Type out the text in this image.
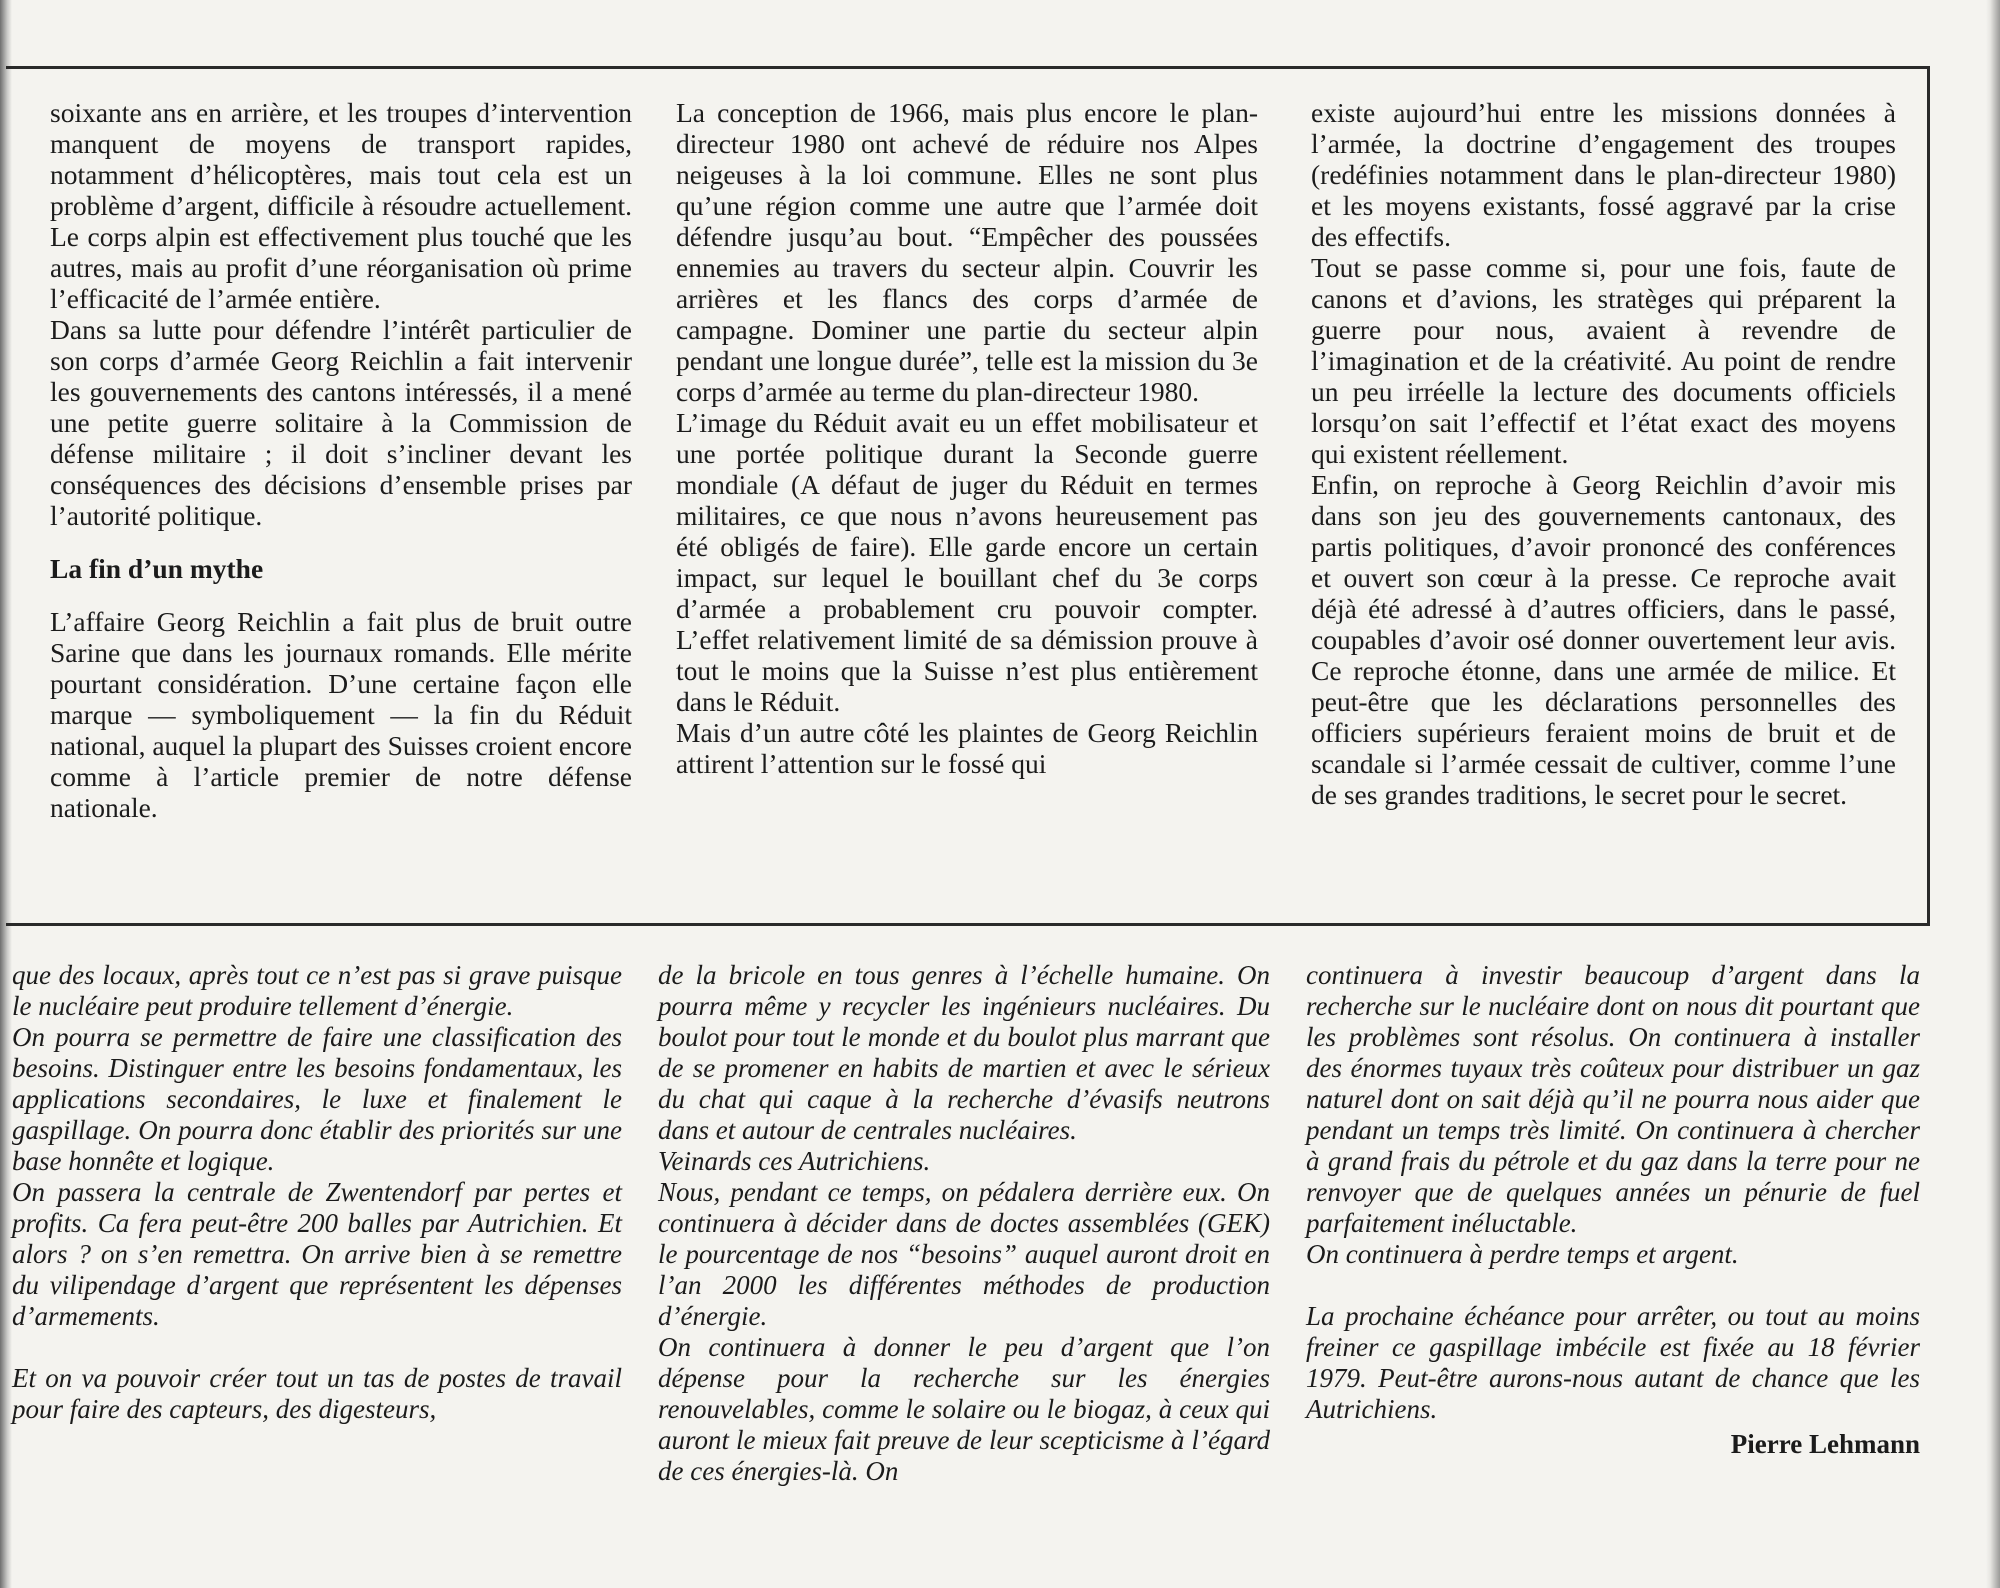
soixante ans en arrière, et les troupes d’intervention manquent de moyens de transport rapides, notamment d’hélicoptères, mais tout cela est un problème d’argent, difficile à résoudre actuellement. Le corps alpin est effectivement plus touché que les autres, mais au profit d’une réorganisation où prime l’efficacité de l’armée entière.

Dans sa lutte pour défendre l’intérêt particulier de son corps d’armée Georg Reichlin a fait intervenir les gouvernements des cantons intéressés, il a mené une petite guerre solitaire à la Commission de défense militaire ; il doit s’incliner devant les conséquences des décisions d’ensemble prises par l’autorité politique.

La fin d’un mythe

L’affaire Georg Reichlin a fait plus de bruit outre Sarine que dans les journaux romands. Elle mérite pourtant considération. D’une certaine façon elle marque — symboliquement — la fin du Réduit national, auquel la plupart des Suisses croient encore comme à l’article premier de notre défense nationale.

La conception de 1966, mais plus encore le plan-directeur 1980 ont achevé de réduire nos Alpes neigeuses à la loi commune. Elles ne sont plus qu’une région comme une autre que l’armée doit défendre jusqu’au bout. “Empêcher des poussées ennemies au travers du secteur alpin. Couvrir les arrières et les flancs des corps d’armée de campagne. Dominer une partie du secteur alpin pendant une longue durée”, telle est la mission du 3e corps d’armée au terme du plan-directeur 1980.

L’image du Réduit avait eu un effet mobilisateur et une portée politique durant la Seconde guerre mondiale (A défaut de juger du Réduit en termes militaires, ce que nous n’avons heureusement pas été obligés de faire). Elle garde encore un certain impact, sur lequel le bouillant chef du 3e corps d’armée a probablement cru pouvoir compter. L’effet relativement limité de sa démission prouve à tout le moins que la Suisse n’est plus entièrement dans le Réduit.

Mais d’un autre côté les plaintes de Georg Reichlin attirent l’attention sur le fossé qui

existe aujourd’hui entre les missions données à l’armée, la doctrine d’engagement des troupes (redéfinies notamment dans le plan-directeur 1980) et les moyens existants, fossé aggravé par la crise des effectifs.

Tout se passe comme si, pour une fois, faute de canons et d’avions, les stratèges qui préparent la guerre pour nous, avaient à revendre de l’imagination et de la créativité. Au point de rendre un peu irréelle la lecture des documents officiels lorsqu’on sait l’effectif et l’état exact des moyens qui existent réellement.

Enfin, on reproche à Georg Reichlin d’avoir mis dans son jeu des gouvernements cantonaux, des partis politiques, d’avoir prononcé des conférences et ouvert son cœur à la presse. Ce reproche avait déjà été adressé à d’autres officiers, dans le passé, coupables d’avoir osé donner ouvertement leur avis. Ce reproche étonne, dans une armée de milice. Et peut-être que les déclarations personnelles des officiers supérieurs feraient moins de bruit et de scandale si l’armée cessait de cultiver, comme l’une de ses grandes traditions, le secret pour le secret.

que des locaux, après tout ce n’est pas si grave puisque le nucléaire peut produire tellement d’énergie.

On pourra se permettre de faire une classification des besoins. Distinguer entre les besoins fondamentaux, les applications secondaires, le luxe et finalement le gaspillage. On pourra donc établir des priorités sur une base honnête et logique.

On passera la centrale de Zwentendorf par pertes et profits. Ca fera peut-être 200 balles par Autrichien. Et alors ? on s’en remettra. On arrive bien à se remettre du vilipendage d’argent que représentent les dépenses d’armements.

Et on va pouvoir créer tout un tas de postes de travail pour faire des capteurs, des digesteurs,

de la bricole en tous genres à l’échelle humaine. On pourra même y recycler les ingénieurs nucléaires. Du boulot pour tout le monde et du boulot plus marrant que de se promener en habits de martien et avec le sérieux du chat qui caque à la recherche d’évasifs neutrons dans et autour de centrales nucléaires.

Veinards ces Autrichiens.

Nous, pendant ce temps, on pédalera derrière eux. On continuera à décider dans de doctes assemblées (GEK) le pourcentage de nos “besoins” auquel auront droit en l’an 2000 les différentes méthodes de production d’énergie.

On continuera à donner le peu d’argent que l’on dépense pour la recherche sur les énergies renouvelables, comme le solaire ou le biogaz, à ceux qui auront le mieux fait preuve de leur scepticisme à l’égard de ces énergies-là. On

continuera à investir beaucoup d’argent dans la recherche sur le nucléaire dont on nous dit pourtant que les problèmes sont résolus. On continuera à installer des énormes tuyaux très coûteux pour distribuer un gaz naturel dont on sait déjà qu’il ne pourra nous aider que pendant un temps très limité. On continuera à chercher à grand frais du pétrole et du gaz dans la terre pour ne renvoyer que de quelques années un pénurie de fuel parfaitement inéluctable.

On continuera à perdre temps et argent.

La prochaine échéance pour arrêter, ou tout au moins freiner ce gaspillage imbécile est fixée au 18 février 1979. Peut-être aurons-nous autant de chance que les Autrichiens.

Pierre Lehmann
